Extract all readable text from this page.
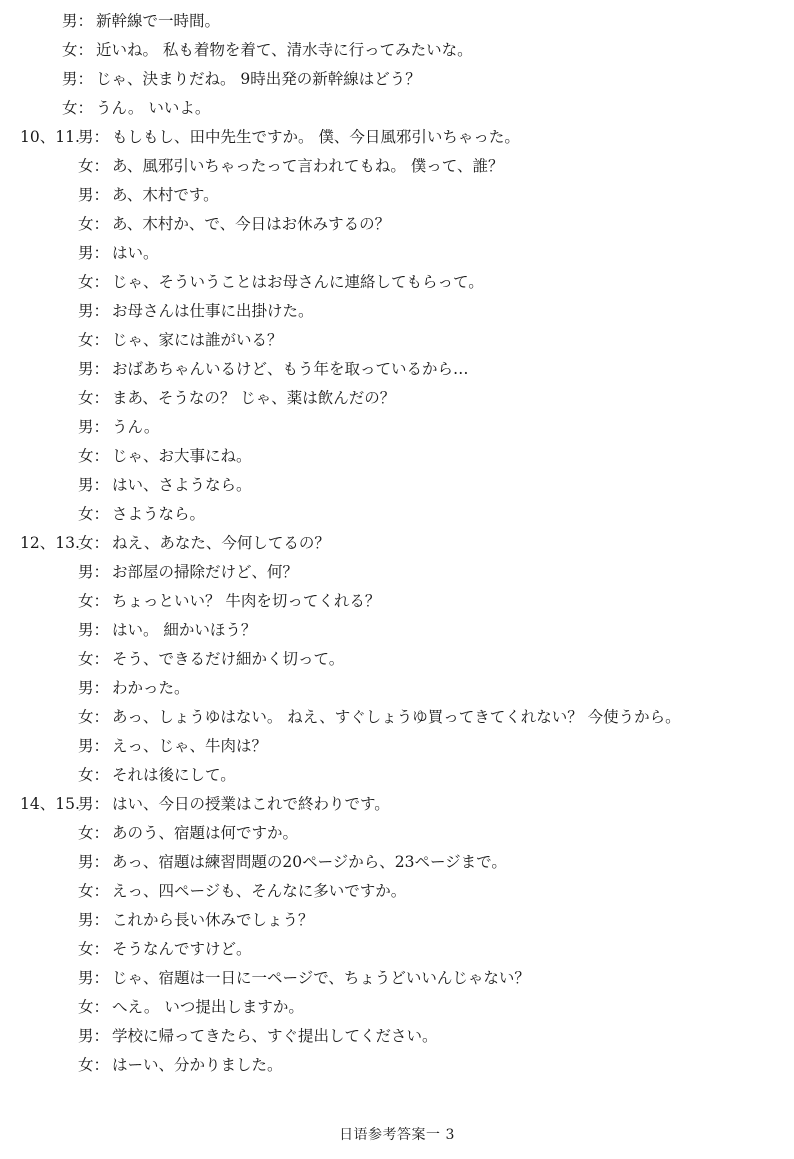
男： 新幹線で一時間。
女： 近いね。 私も着物を着て、清水寺に行ってみたいな。
男： じゃ、決まりだね。 9時出発の新幹線はどう？
女： うん。 いいよ。
10、11.
男： もしもし、田中先生ですか。 僕、今日風邪引いちゃった。
女： あ、風邪引いちゃったって言われてもね。 僕って、誰？
男： あ、木村です。
女： あ、木村か、で、今日はお休みするの？
男： はい。
女： じゃ、そういうことはお母さんに連絡してもらって。
男： お母さんは仕事に出掛けた。
女： じゃ、家には誰がいる？
男： おばあちゃんいるけど、もう年を取っているから…
女： まあ、そうなの？ じゃ、薬は飲んだの？
男： うん。
女： じゃ、お大事にね。
男： はい、さようなら。
女： さようなら。
12、13.
女： ねえ、あなた、今何してるの？
男： お部屋の掃除だけど、何？
女： ちょっといい？ 牛肉を切ってくれる？
男： はい。 細かいほう？
女： そう、できるだけ細かく切って。
男： わかった。
女： あっ、しょうゆはない。 ねえ、すぐしょうゆ買ってきてくれない？ 今使うから。
男： えっ、じゃ、牛肉は？
女： それは後にして。
14、15.
男： はい、今日の授業はこれで終わりです。
女： あのう、宿題は何ですか。
男： あっ、宿題は練習問題の20ページから、23ページまで。
女： えっ、四ページも、そんなに多いですか。
男： これから長い休みでしょう？
女： そうなんですけど。
男： じゃ、宿題は一日に一ページで、ちょうどいいんじゃない？
女： へえ。 いつ提出しますか。
男： 学校に帰ってきたら、すぐ提出してください。
女： はーい、分かりました。
日语参考答案一 3
